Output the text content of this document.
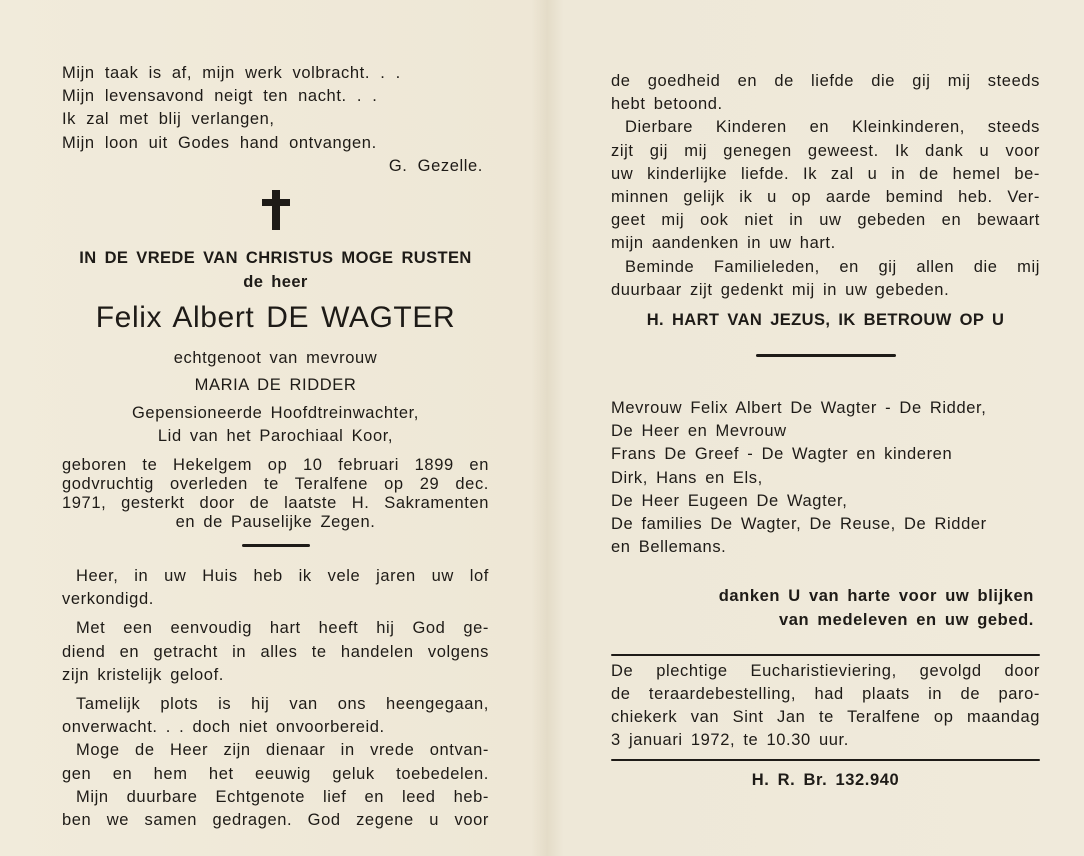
Mijn taak is af, mijn werk volbracht. . .
Mijn levensavond neigt ten nacht. . .
Ik zal met blij verlangen,
Mijn loon uit Godes hand ontvangen.
G. Gezelle.
IN DE VREDE VAN CHRISTUS MOGE RUSTEN
de heer
Felix Albert DE WAGTER
echtgenoot van mevrouw
MARIA DE RIDDER
Gepensioneerde Hoofdtreinwachter,
Lid van het Parochiaal Koor,
geboren te Hekelgem op 10 februari 1899 en
godvruchtig overleden te Teralfene op 29 dec.
1971, gesterkt door de laatste H. Sakramenten
en de Pauselijke Zegen.
Heer, in uw Huis heb ik vele jaren uw lof
verkondigd.
Met een eenvoudig hart heeft hij God ge-
diend en getracht in alles te handelen volgens
zijn kristelijk geloof.
Tamelijk plots is hij van ons heengegaan,
onverwacht. . . doch niet onvoorbereid.
Moge de Heer zijn dienaar in vrede ontvan-
gen en hem het eeuwig geluk toebedelen.
Mijn duurbare Echtgenote lief en leed heb-
ben we samen gedragen. God zegene u voor
de goedheid en de liefde die gij mij steeds
hebt betoond.
Dierbare Kinderen en Kleinkinderen, steeds
zijt gij mij genegen geweest. Ik dank u voor
uw kinderlijke liefde. Ik zal u in de hemel be-
minnen gelijk ik u op aarde bemind heb. Ver-
geet mij ook niet in uw gebeden en bewaart
mijn aandenken in uw hart.
Beminde Familieleden, en gij allen die mij
duurbaar zijt gedenkt mij in uw gebeden.
H. HART VAN JEZUS, IK BETROUW OP U
Mevrouw Felix Albert De Wagter - De Ridder,
De Heer en Mevrouw
Frans De Greef - De Wagter en kinderen
Dirk, Hans en Els,
De Heer Eugeen De Wagter,
De families De Wagter, De Reuse, De Ridder
en Bellemans.
danken U van harte voor uw blijken
van medeleven en uw gebed.
De plechtige Eucharistieviering, gevolgd door
de teraardebestelling, had plaats in de paro-
chiekerk van Sint Jan te Teralfene op maandag
3 januari 1972, te 10.30 uur.
H. R. Br. 132.940
